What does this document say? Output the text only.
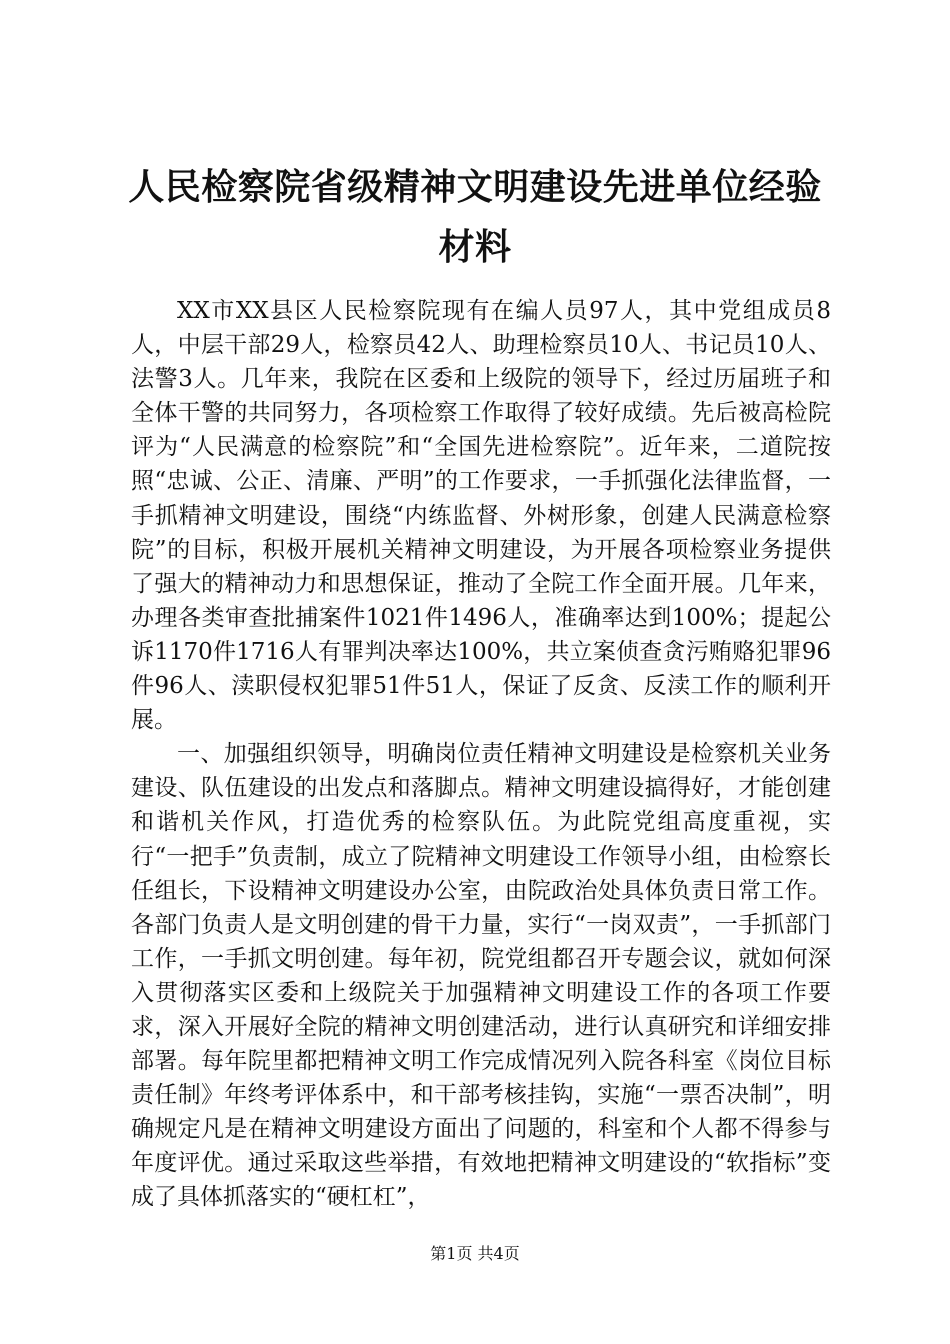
人民检察院省级精神文明建设先进单位经验材料

XX市XX县区人民检察院现有在编人员97人，其中党组成员8人，中层干部29人，检察员42人、助理检察员10人、书记员10人、法警3人。几年来，我院在区委和上级院的领导下，经过历届班子和全体干警的共同努力，各项检察工作取得了较好成绩。先后被高检院评为“人民满意的检察院”和“全国先进检察院”。近年来，二道院按照“忠诚、公正、清廉、严明”的工作要求，一手抓强化法律监督，一手抓精神文明建设，围绕“内练监督、外树形象，创建人民满意检察院”的目标，积极开展机关精神文明建设，为开展各项检察业务提供了强大的精神动力和思想保证，推动了全院工作全面开展。几年来，办理各类审查批捕案件1021件1496人，准确率达到100%；提起公诉1170件1716人有罪判决率达100%，共立案侦查贪污贿赂犯罪96件96人、渎职侵权犯罪51件51人，保证了反贪、反渎工作的顺利开展。

一、加强组织领导，明确岗位责任精神文明建设是检察机关业务建设、队伍建设的出发点和落脚点。精神文明建设搞得好，才能创建和谐机关作风，打造优秀的检察队伍。为此院党组高度重视，实行“一把手”负责制，成立了院精神文明建设工作领导小组，由检察长任组长，下设精神文明建设办公室，由院政治处具体负责日常工作。各部门负责人是文明创建的骨干力量，实行“一岗双责”，一手抓部门工作，一手抓文明创建。每年初，院党组都召开专题会议，就如何深入贯彻落实区委和上级院关于加强精神文明建设工作的各项工作要求，深入开展好全院的精神文明创建活动，进行认真研究和详细安排部署。每年院里都把精神文明工作完成情况列入院各科室《岗位目标责任制》年终考评体系中，和干部考核挂钩，实施“一票否决制”，明确规定凡是在精神文明建设方面出了问题的，科室和个人都不得参与年度评优。通过采取这些举措，有效地把精神文明建设的“软指标”变成了具体抓落实的“硬杠杠”，

第1页 共4页
